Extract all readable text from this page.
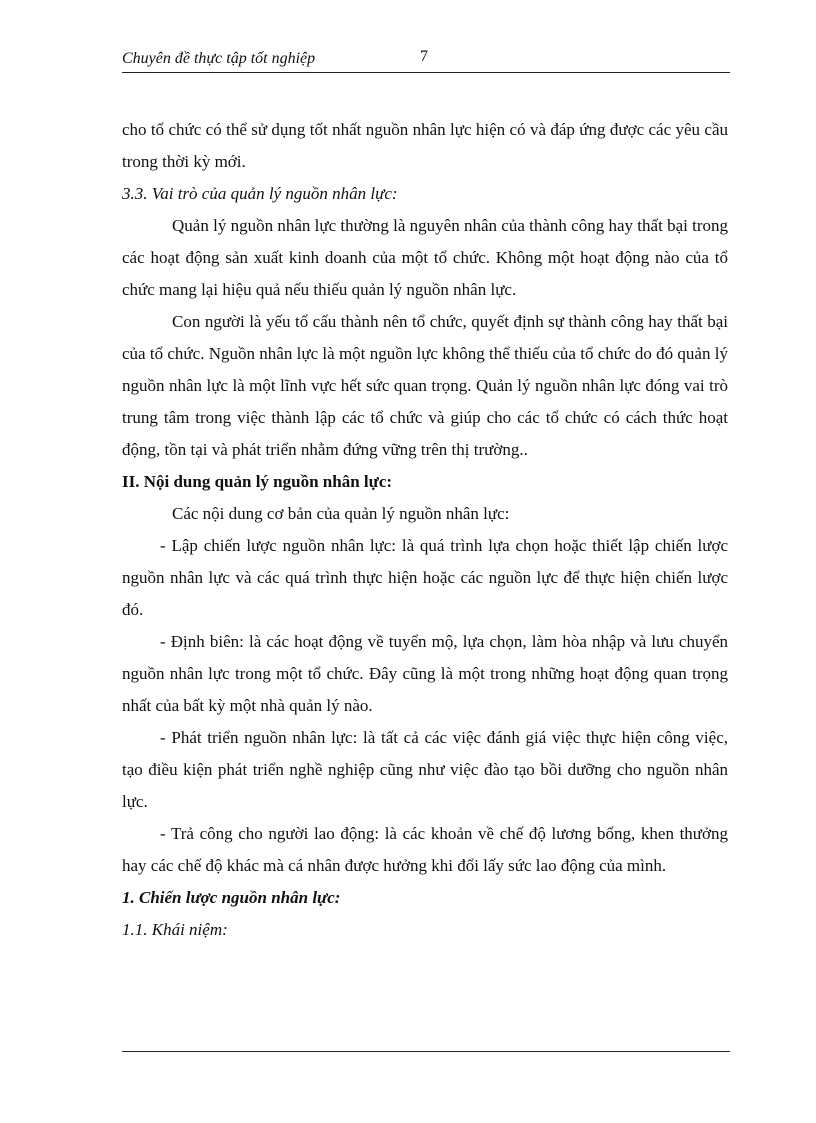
Chuyên đề thực tập tốt nghiệp	7

cho tổ chức có thể sử dụng tốt nhất nguồn nhân lực hiện có và đáp ứng được các yêu cầu trong thời kỳ mới.

3.3. Vai trò của quản lý nguồn nhân lực:

Quản lý nguồn nhân lực thường là nguyên nhân của thành công hay thất bại trong các hoạt động sản xuất kinh doanh của một tổ chức. Không một hoạt động nào của tổ chức mang lại hiệu quả nếu thiếu quản lý nguồn nhân lực.

Con người là yếu tố cấu thành nên tổ chức, quyết định sự thành công hay thất bại của tổ chức. Nguồn nhân lực là một nguồn lực không thể thiếu của tổ chức do đó quản lý nguồn nhân lực là một lĩnh vực hết sức quan trọng. Quản lý nguồn nhân lực đóng vai trò trung tâm trong việc thành lập các tổ chức và giúp cho các tổ chức có cách thức hoạt động, tồn tại và phát triển nhằm đứng vững trên thị trường..

II. Nội dung quản lý nguồn nhân lực:

Các nội dung cơ bản của quản lý nguồn nhân lực:

- Lập chiến lược nguồn nhân lực: là quá trình lựa chọn hoặc thiết lập chiến lược nguồn nhân lực và các quá trình thực hiện hoặc các nguồn lực để thực hiện chiến lược đó.

- Định biên: là các hoạt động về tuyển mộ, lựa chọn, làm hòa nhập và lưu chuyển nguồn nhân lực trong một tổ chức. Đây cũng là một trong những hoạt động quan trọng nhất của bất kỳ một nhà quản lý nào.

- Phát triển nguồn nhân lực: là tất cả các việc đánh giá việc thực hiện công việc, tạo điều kiện phát triển nghề nghiệp cũng như việc đào tạo bồi dưỡng cho nguồn nhân lực.

- Trả công cho người lao động: là các khoản về chế độ lương bổng, khen thưởng hay các chế độ khác mà cá nhân được hưởng khi đổi lấy sức lao động của mình.

1. Chiến lược nguồn nhân lực:

1.1. Khái niệm:
